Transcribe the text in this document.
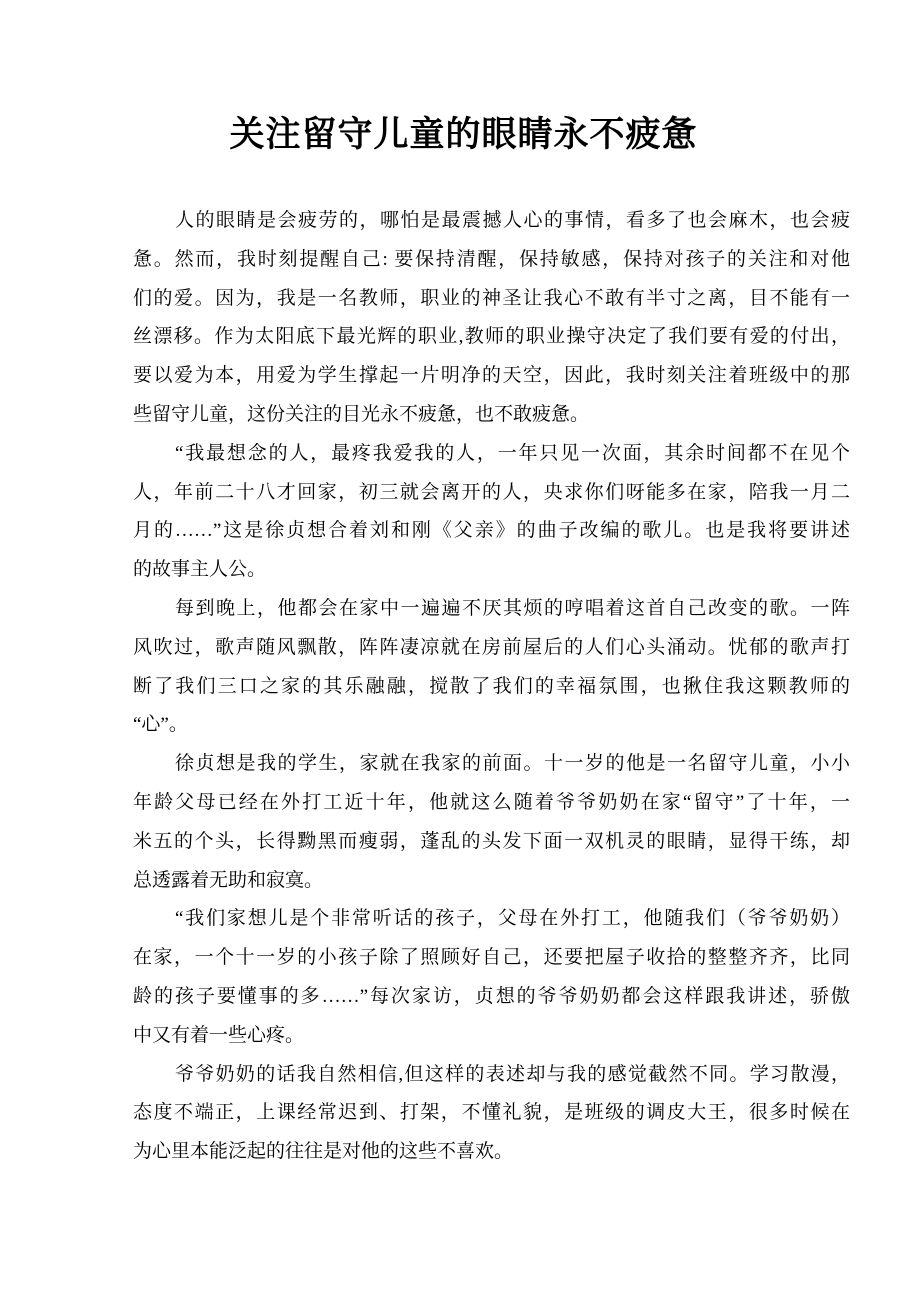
关注留守儿童的眼睛永不疲惫
人的眼睛是会疲劳的，哪怕是最震撼人心的事情，看多了也会麻木，也会疲
惫。然而，我时刻提醒自己: 要保持清醒，保持敏感，保持对孩子的关注和对他
们的爱。因为，我是一名教师，职业的神圣让我心不敢有半寸之离，目不能有一
丝漂移。作为太阳底下最光辉的职业,教师的职业操守决定了我们要有爱的付出，
要以爱为本，用爱为学生撑起一片明净的天空，因此，我时刻关注着班级中的那
些留守儿童，这份关注的目光永不疲惫，也不敢疲惫。
“我最想念的人，最疼我爱我的人，一年只见一次面，其余时间都不在见个
人，年前二十八才回家，初三就会离开的人，央求你们呀能多在家，陪我一月二
月的……”这是徐贞想合着刘和刚《父亲》的曲子改编的歌儿。也是我将要讲述
的故事主人公。
每到晚上，他都会在家中一遍遍不厌其烦的哼唱着这首自己改变的歌。一阵
风吹过，歌声随风飘散，阵阵凄凉就在房前屋后的人们心头涌动。忧郁的歌声打
断了我们三口之家的其乐融融，搅散了我们的幸福氛围，也揪住我这颗教师的
“心”。
徐贞想是我的学生，家就在我家的前面。十一岁的他是一名留守儿童，小小
年龄父母已经在外打工近十年，他就这么随着爷爷奶奶在家“留守”了十年，一
米五的个头，长得黝黑而瘦弱，蓬乱的头发下面一双机灵的眼睛，显得干练，却
总透露着无助和寂寞。
“我们家想儿是个非常听话的孩子，父母在外打工，他随我们（爷爷奶奶）
在家，一个十一岁的小孩子除了照顾好自己，还要把屋子收拾的整整齐齐，比同
龄的孩子要懂事的多……”每次家访，贞想的爷爷奶奶都会这样跟我讲述，骄傲
中又有着一些心疼。
爷爷奶奶的话我自然相信,但这样的表述却与我的感觉截然不同。学习散漫，
态度不端正，上课经常迟到、打架，不懂礼貌，是班级的调皮大王，很多时候在
为心里本能泛起的往往是对他的这些不喜欢。
